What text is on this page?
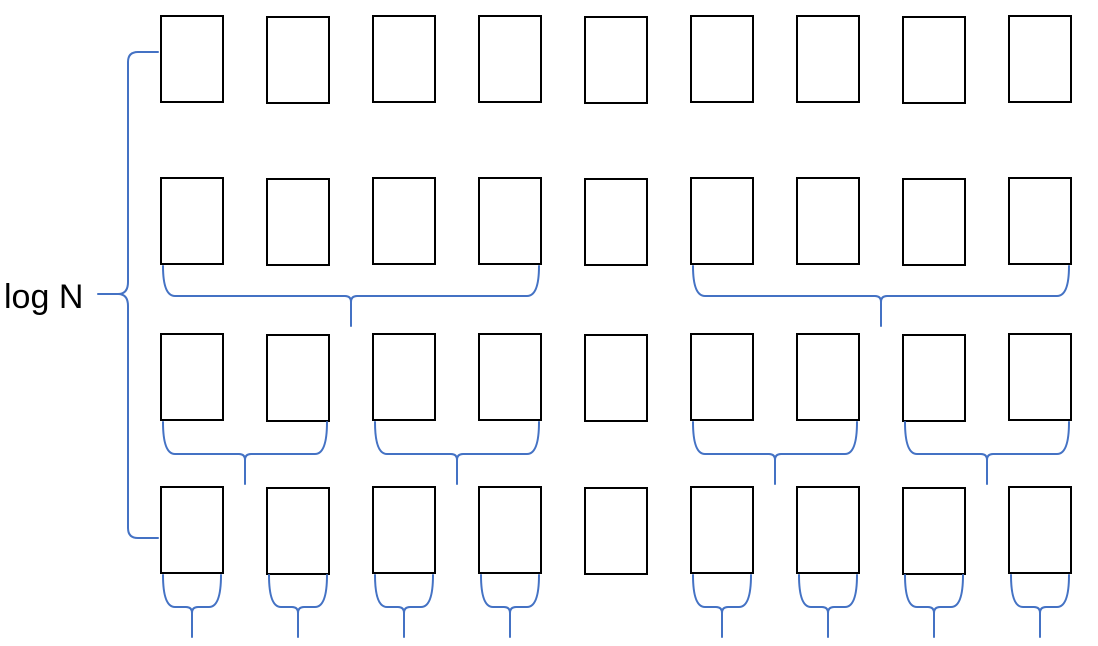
log N
